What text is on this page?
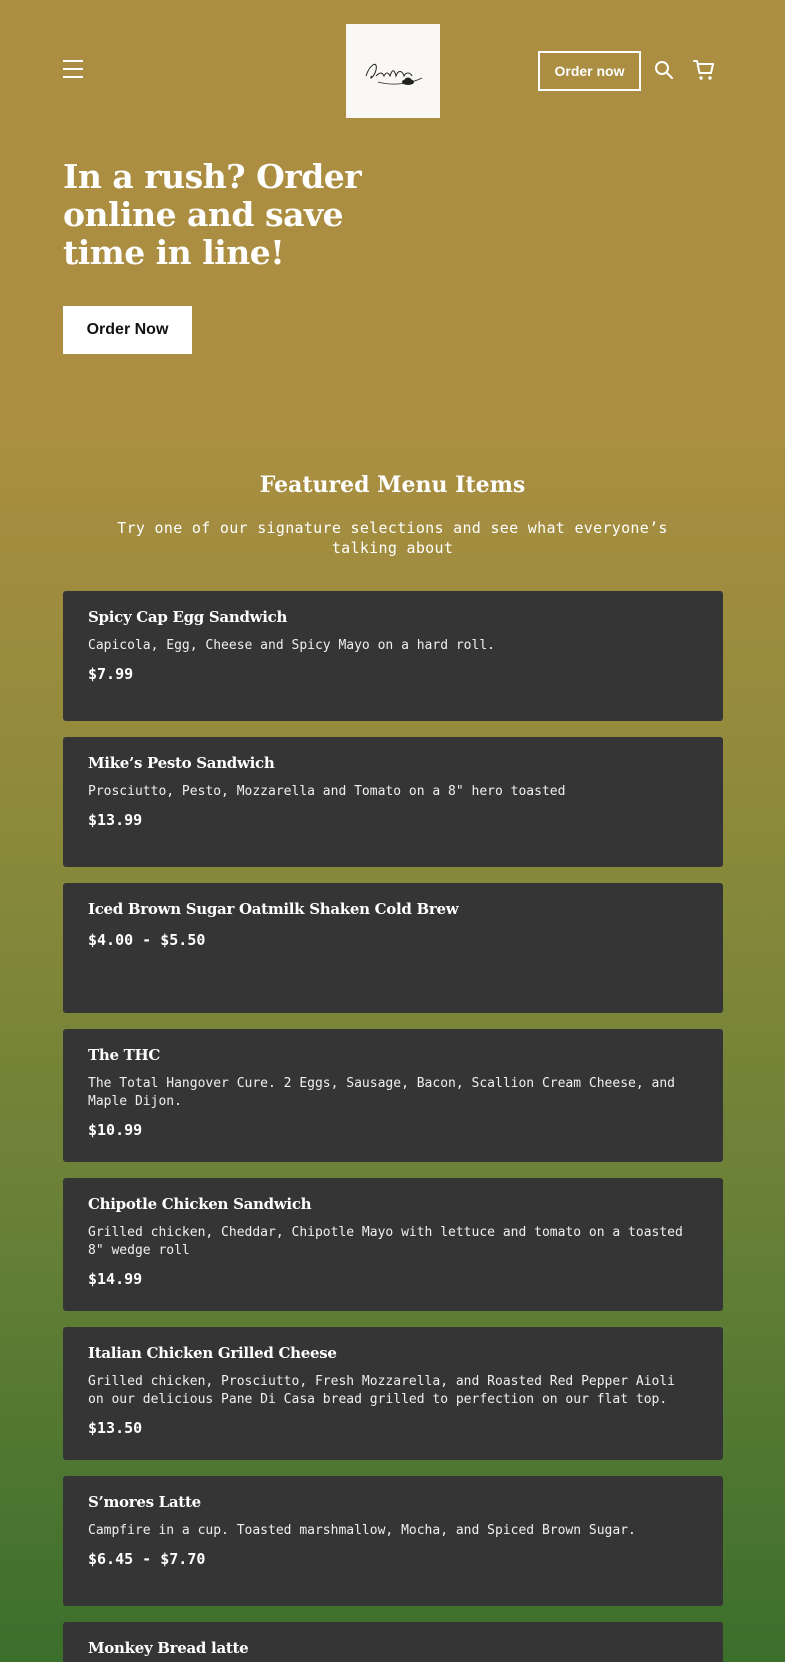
Order now
In a rush? Order online and save time in line!
Order Now
Featured Menu Items

Try one of our signature selections and see what everyone’s talking about

Spicy Cap Egg Sandwich
Capicola, Egg, Cheese and Spicy Mayo on a hard roll.
$7.99
Mike’s Pesto Sandwich
Prosciutto, Pesto, Mozzarella and Tomato on a 8" hero toasted
$13.99
Iced Brown Sugar Oatmilk Shaken Cold Brew
$4.00 - $5.50
The THC
The Total Hangover Cure. 2 Eggs, Sausage, Bacon, Scallion Cream Cheese, and Maple Dijon.
$10.99
Chipotle Chicken Sandwich
Grilled chicken, Cheddar, Chipotle Mayo with lettuce and tomato on a toasted 8" wedge roll
$14.99
Italian Chicken Grilled Cheese
Grilled chicken, Prosciutto, Fresh Mozzarella, and Roasted Red Pepper Aioli on our delicious Pane Di Casa bread grilled to perfection on our flat top.
$13.50
S’mores Latte
Campfire in a cup. Toasted marshmallow, Mocha, and Spiced Brown Sugar.
$6.45 - $7.70
Monkey Bread latte
